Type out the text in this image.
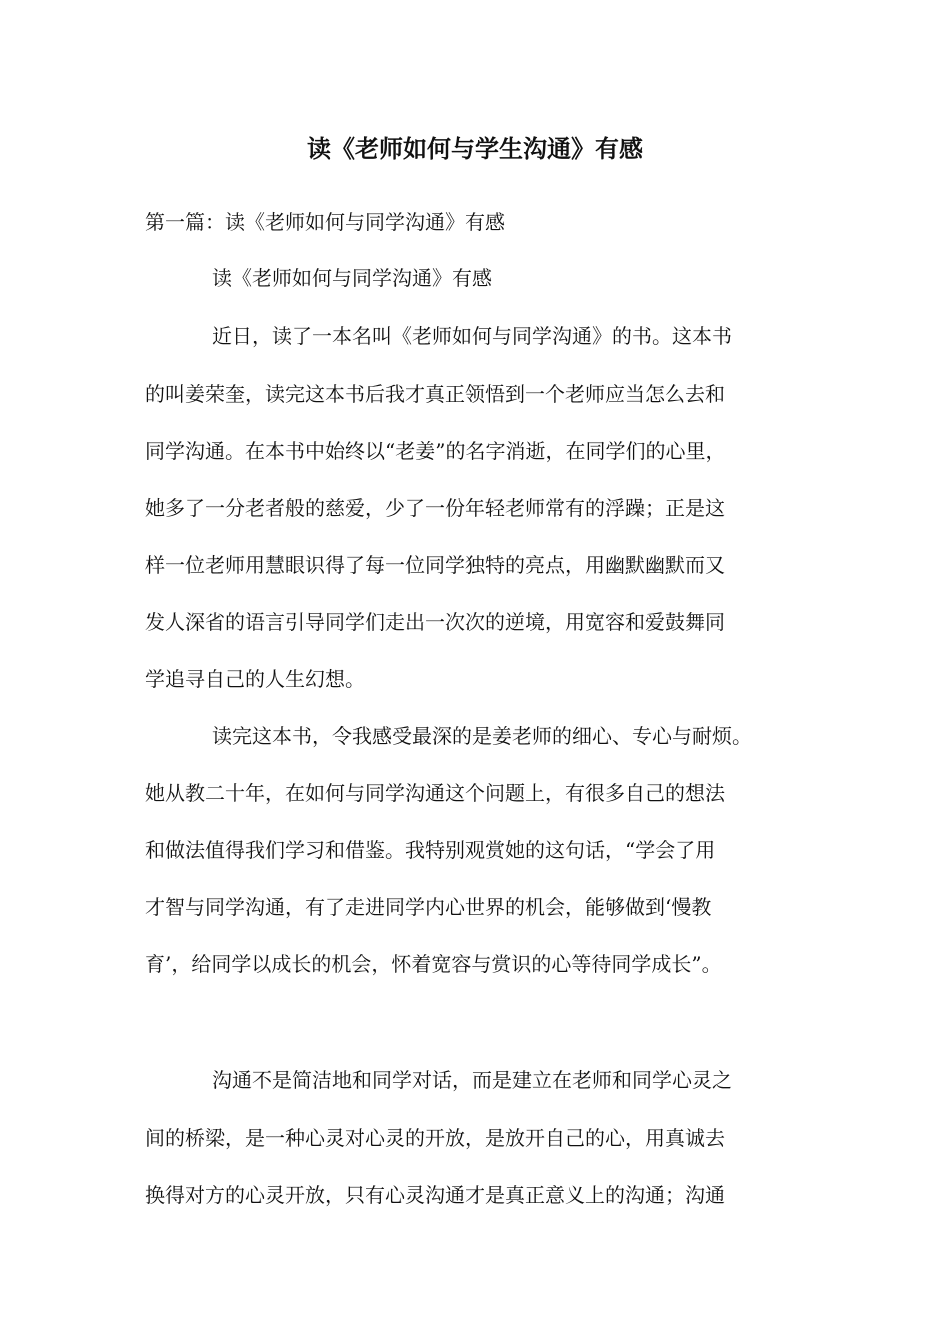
读《老师如何与学生沟通》有感
第一篇：读《老师如何与同学沟通》有感
读《老师如何与同学沟通》有感
近日，读了一本名叫《老师如何与同学沟通》的书。这本书
的叫姜荣奎，读完这本书后我才真正领悟到一个老师应当怎么去和
同学沟通。在本书中始终以“老姜”的名字消逝，在同学们的心里，
她多了一分老者般的慈爱，少了一份年轻老师常有的浮躁；正是这
样一位老师用慧眼识得了每一位同学独特的亮点，用幽默幽默而又
发人深省的语言引导同学们走出一次次的逆境，用宽容和爱鼓舞同
学追寻自己的人生幻想。
读完这本书，令我感受最深的是姜老师的细心、专心与耐烦。
她从教二十年，在如何与同学沟通这个问题上，有很多自己的想法
和做法值得我们学习和借鉴。我特别观赏她的这句话，“学会了用
才智与同学沟通，有了走进同学内心世界的机会，能够做到‘慢教
育’，给同学以成长的机会，怀着宽容与赏识的心等待同学成长”。
沟通不是简洁地和同学对话，而是建立在老师和同学心灵之
间的桥梁，是一种心灵对心灵的开放，是放开自己的心，用真诚去
换得对方的心灵开放，只有心灵沟通才是真正意义上的沟通；沟通
